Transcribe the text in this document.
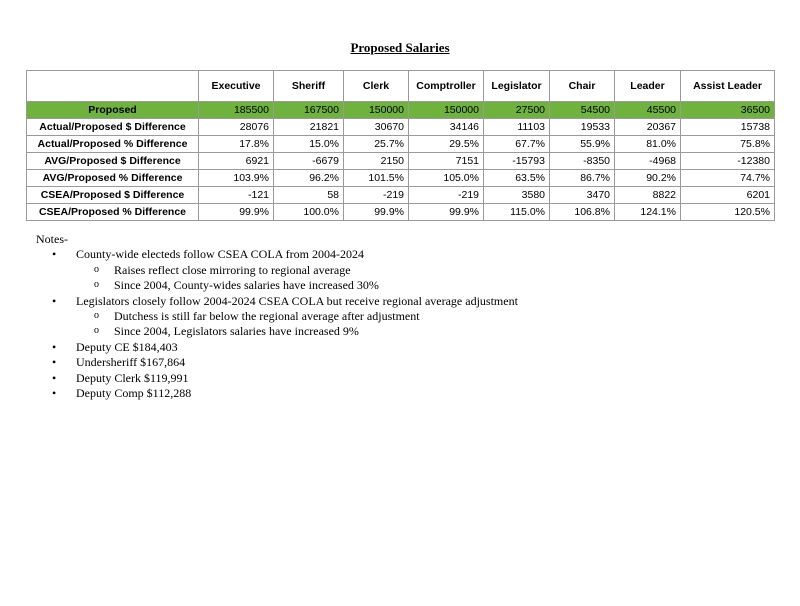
Proposed Salaries
	Executive	Sheriff	Clerk	Comptroller	Legislator	Chair	Leader	Assist Leader
Proposed	185500	167500	150000	150000	27500	54500	45500	36500
Actual/Proposed $ Difference	28076	21821	30670	34146	11103	19533	20367	15738
Actual/Proposed % Difference	17.8%	15.0%	25.7%	29.5%	67.7%	55.9%	81.0%	75.8%
AVG/Proposed $ Difference	6921	-6679	2150	7151	-15793	-8350	-4968	-12380
AVG/Proposed % Difference	103.9%	96.2%	101.5%	105.0%	63.5%	86.7%	90.2%	74.7%
CSEA/Proposed $ Difference	-121	58	-219	-219	3580	3470	8822	6201
CSEA/Proposed % Difference	99.9%	100.0%	99.9%	99.9%	115.0%	106.8%	124.1%	120.5%
Notes-
• County-wide electeds follow CSEA COLA from 2004-2024
o Raises reflect close mirroring to regional average
o Since 2004, County-wides salaries have increased 30%
• Legislators closely follow 2004-2024 CSEA COLA but receive regional average adjustment
o Dutchess is still far below the regional average after adjustment
o Since 2004, Legislators salaries have increased 9%
• Deputy CE $184,403
• Undersheriff $167,864
• Deputy Clerk $119,991
• Deputy Comp $112,288
